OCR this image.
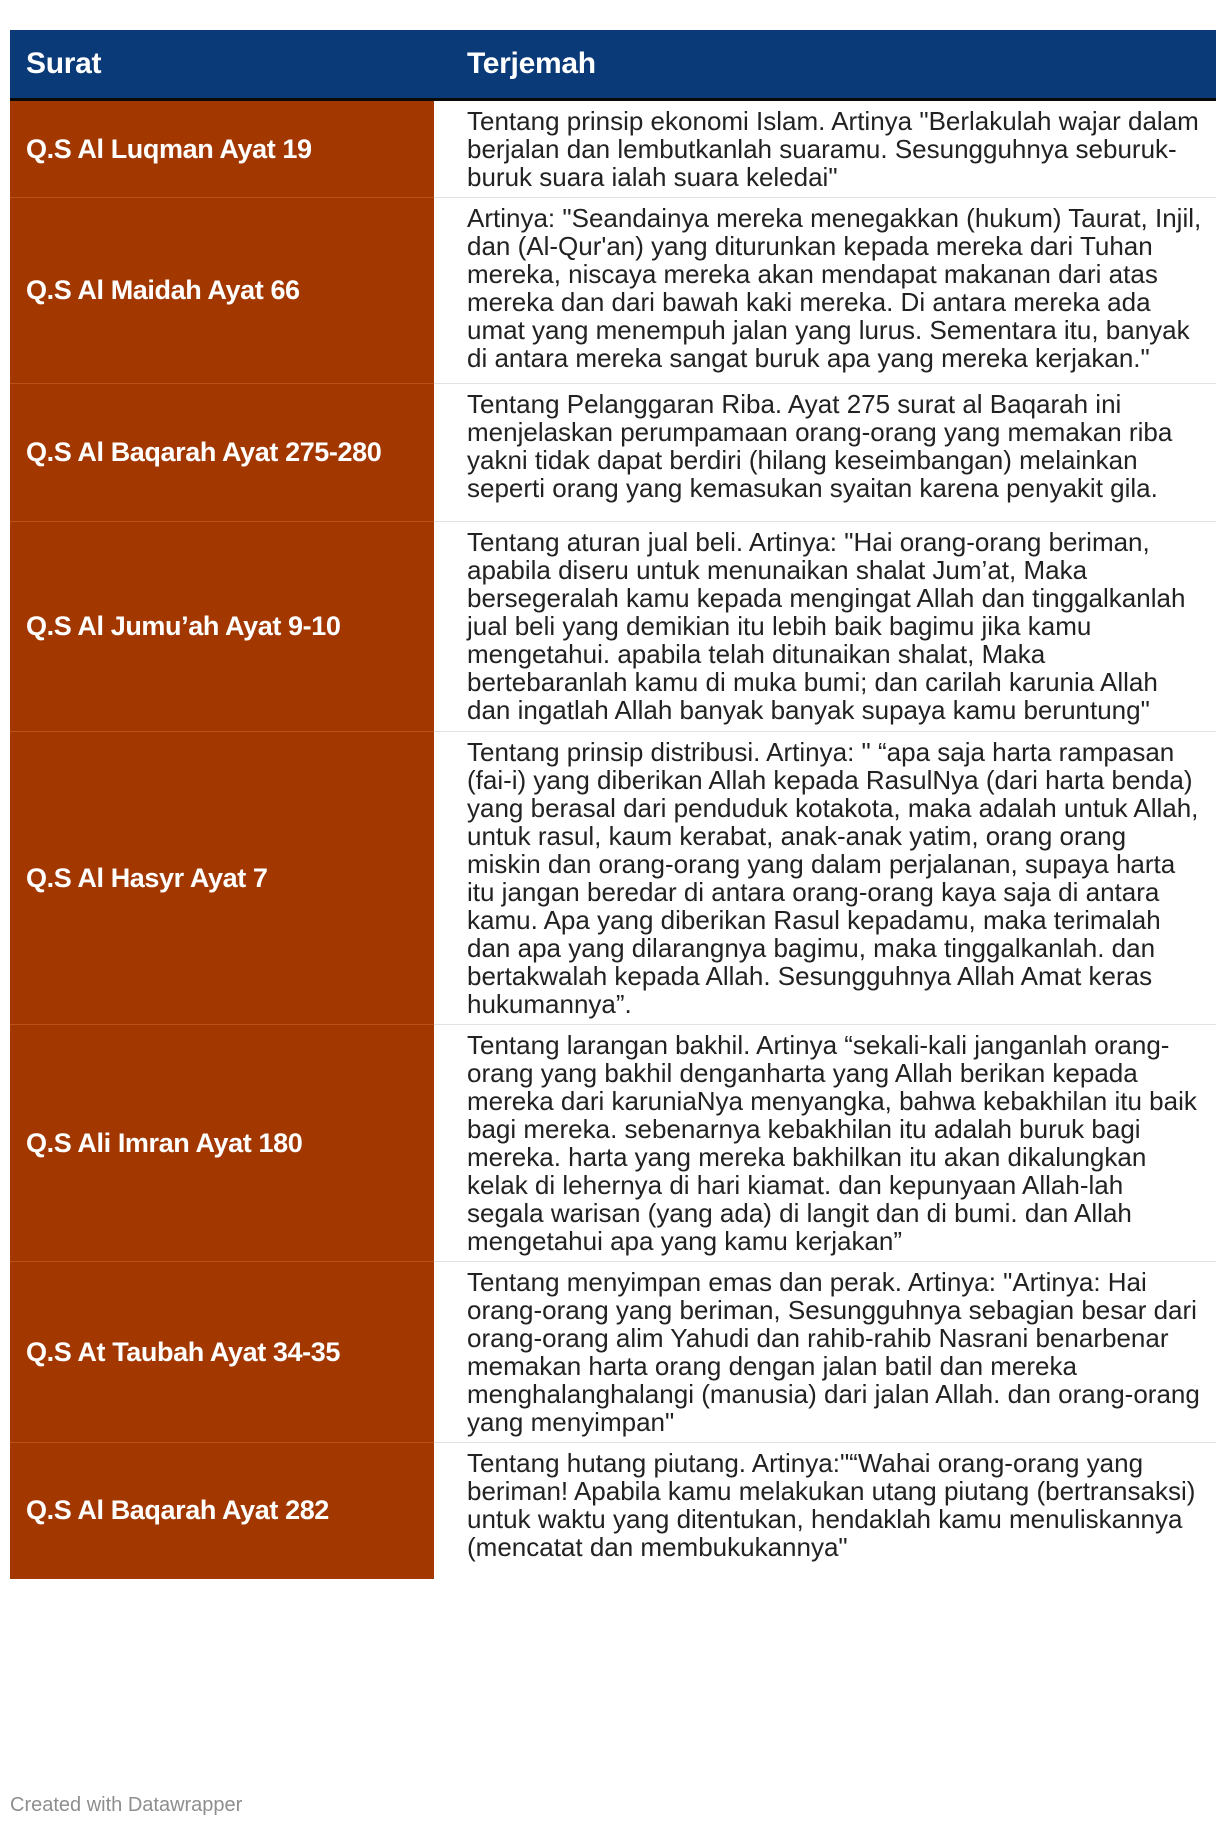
Surat	Terjemah
Q.S Al Luqman Ayat 19	Tentang prinsip ekonomi Islam. Artinya "Berlakulah wajar dalam berjalan dan lembutkanlah suaramu. Sesungguhnya seburuk-buruk suara ialah suara keledai"
Q.S Al Maidah Ayat 66	Artinya: "Seandainya mereka menegakkan (hukum) Taurat, Injil, dan (Al-Qur'an) yang diturunkan kepada mereka dari Tuhan mereka, niscaya mereka akan mendapat makanan dari atas mereka dan dari bawah kaki mereka. Di antara mereka ada umat yang menempuh jalan yang lurus. Sementara itu, banyak di antara mereka sangat buruk apa yang mereka kerjakan."
Q.S Al Baqarah Ayat 275-280	Tentang Pelanggaran Riba. Ayat 275 surat al Baqarah ini menjelaskan perumpamaan orang-orang yang memakan riba yakni tidak dapat berdiri (hilang keseimbangan) melainkan seperti orang yang kemasukan syaitan karena penyakit gila.
Q.S Al Jumu’ah Ayat 9-10	Tentang aturan jual beli. Artinya: "Hai orang-orang beriman, apabila diseru untuk menunaikan shalat Jum’at, Maka bersegeralah kamu kepada mengingat Allah dan tinggalkanlah jual beli yang demikian itu lebih baik bagimu jika kamu mengetahui. apabila telah ditunaikan shalat, Maka bertebaranlah kamu di muka bumi; dan carilah karunia Allah dan ingatlah Allah banyak banyak supaya kamu beruntung"
Q.S Al Hasyr Ayat 7	Tentang prinsip distribusi. Artinya: " “apa saja harta rampasan (fai-i) yang diberikan Allah kepada RasulNya (dari harta benda) yang berasal dari penduduk kotakota, maka adalah untuk Allah, untuk rasul, kaum kerabat, anak-anak yatim, orang orang miskin dan orang-orang yang dalam perjalanan, supaya harta itu jangan beredar di antara orang-orang kaya saja di antara kamu. Apa yang diberikan Rasul kepadamu, maka terimalah dan apa yang dilarangnya bagimu, maka tinggalkanlah. dan bertakwalah kepada Allah. Sesungguhnya Allah Amat keras hukumannya”.
Q.S Ali Imran Ayat 180	Tentang larangan bakhil. Artinya “sekali-kali janganlah orang-orang yang bakhil denganharta yang Allah berikan kepada mereka dari karuniaNya menyangka, bahwa kebakhilan itu baik bagi mereka. sebenarnya kebakhilan itu adalah buruk bagi mereka. harta yang mereka bakhilkan itu akan dikalungkan kelak di lehernya di hari kiamat. dan kepunyaan Allah-lah segala warisan (yang ada) di langit dan di bumi. dan Allah mengetahui apa yang kamu kerjakan”
Q.S At Taubah Ayat 34-35	Tentang menyimpan emas dan perak. Artinya: "Artinya: Hai orang-orang yang beriman, Sesungguhnya sebagian besar dari orang-orang alim Yahudi dan rahib-rahib Nasrani benarbenar memakan harta orang dengan jalan batil dan mereka menghalanghalangi (manusia) dari jalan Allah. dan orang-orang yang menyimpan"
Q.S Al Baqarah Ayat 282	Tentang hutang piutang. Artinya:"“Wahai orang-orang yang beriman! Apabila kamu melakukan utang piutang (bertransaksi) untuk waktu yang ditentukan, hendaklah kamu menuliskannya (mencatat dan membukukannya"
Created with Datawrapper
